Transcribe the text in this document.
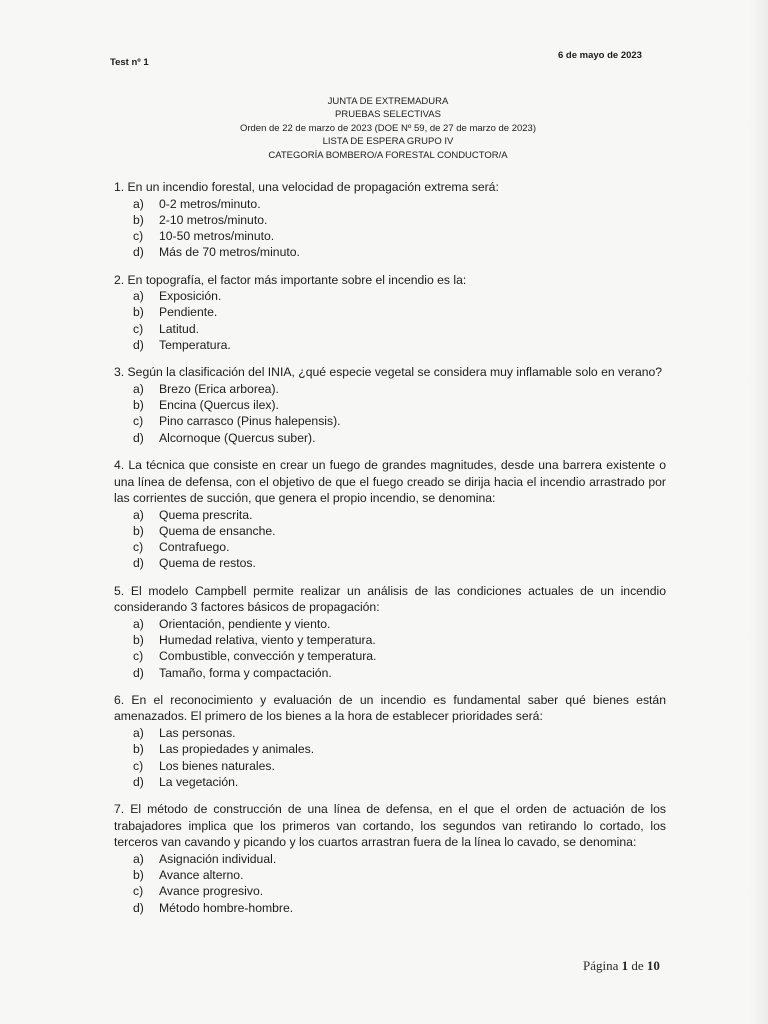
Test nº 1
6 de mayo de 2023
JUNTA DE EXTREMADURA
PRUEBAS SELECTIVAS
Orden de 22 de marzo de 2023 (DOE Nº 59, de 27 de marzo de 2023)
LISTA DE ESPERA GRUPO IV
CATEGORÍA BOMBERO/A FORESTAL CONDUCTOR/A
1. En un incendio forestal, una velocidad de propagación extrema será:
a) 0-2 metros/minuto.
b) 2-10 metros/minuto.
c) 10-50 metros/minuto.
d) Más de 70 metros/minuto.
2. En topografía, el factor más importante sobre el incendio es la:
a) Exposición.
b) Pendiente.
c) Latitud.
d) Temperatura.
3. Según la clasificación del INIA, ¿qué especie vegetal se considera muy inflamable solo en verano?
a) Brezo (Erica arborea).
b) Encina (Quercus ilex).
c) Pino carrasco (Pinus halepensis).
d) Alcornoque (Quercus suber).
4. La técnica que consiste en crear un fuego de grandes magnitudes, desde una barrera existente o una línea de defensa, con el objetivo de que el fuego creado se dirija hacia el incendio arrastrado por las corrientes de succión, que genera el propio incendio, se denomina:
a) Quema prescrita.
b) Quema de ensanche.
c) Contrafuego.
d) Quema de restos.
5. El modelo Campbell permite realizar un análisis de las condiciones actuales de un incendio considerando 3 factores básicos de propagación:
a) Orientación, pendiente y viento.
b) Humedad relativa, viento y temperatura.
c) Combustible, convección y temperatura.
d) Tamaño, forma y compactación.
6. En el reconocimiento y evaluación de un incendio es fundamental saber qué bienes están amenazados. El primero de los bienes a la hora de establecer prioridades será:
a) Las personas.
b) Las propiedades y animales.
c) Los bienes naturales.
d) La vegetación.
7. El método de construcción de una línea de defensa, en el que el orden de actuación de los trabajadores implica que los primeros van cortando, los segundos van retirando lo cortado, los terceros van cavando y picando y los cuartos arrastran fuera de la línea lo cavado, se denomina:
a) Asignación individual.
b) Avance alterno.
c) Avance progresivo.
d) Método hombre-hombre.
Página 1 de 10
